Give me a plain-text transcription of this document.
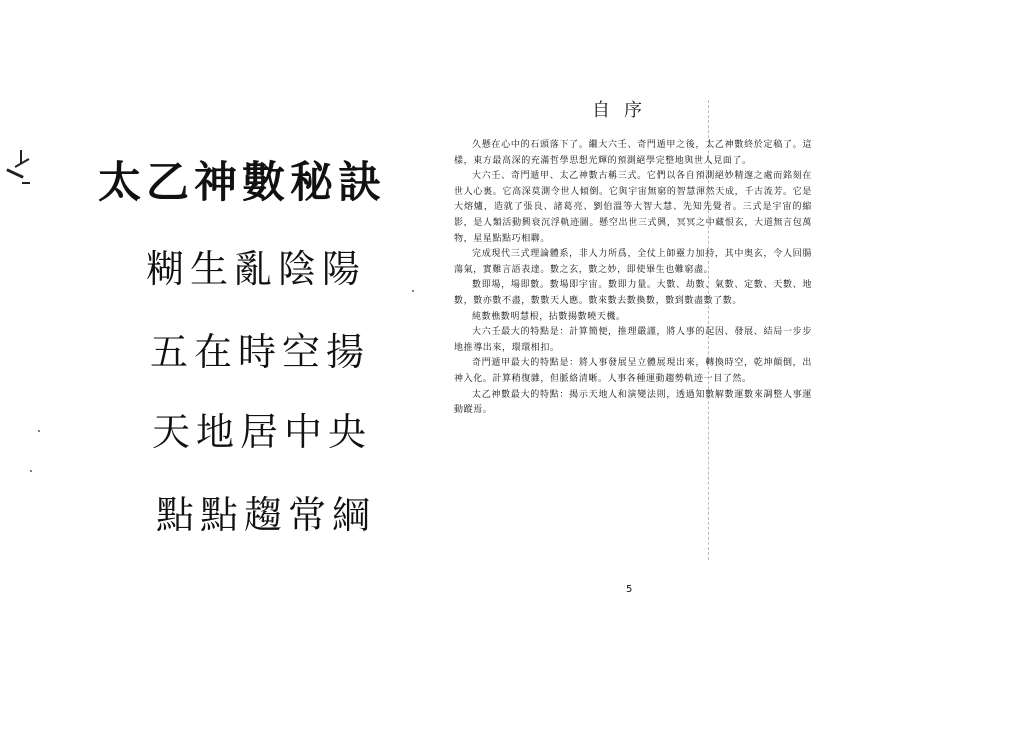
太乙神數秘訣
糊生亂陰陽
五在時空揚
天地居中央
點點趨常綱
自序

久懸在心中的石頭落下了。繼大六壬、奇門遁甲之後，太乙神數終於定稿了。這樣，東方最高深的充滿哲學思想光輝的預測絕學完整地與世人見面了。

大六壬、奇門遁甲、太乙神數古稱三式。它們以各自預測絕妙精邃之處而銘刻在世人心裏。它高深莫測令世人傾倒。它與宇宙無窮的智慧渾然天成，千古流芳。它是大熔爐，造就了張良、諸葛亮、劉伯溫等大智大慧、先知先覺者。三式是宇宙的縮影，是人類活動興衰沉浮軌迹圖。懸空出世三式興，冥冥之中藏恨玄，大道無言包萬物，星星點點巧相聯。

完成現代三式理論體系，非人力所爲，全仗上師靈力加持，其中奥玄，令人回腸蕩氣，實難言語表達。數之玄，數之妙，即使畢生也難窮盡。

數即場，場即數。數場即宇宙。數即力量。大數、劫數、氣數、定數、天數、地數，數亦數不盡，數數天人應。數來數去數換數，數到數盡數了數。

純數樵數明慧根，拈數揚數曉天機。

大六壬最大的特點是：計算簡便，推理嚴謹，將人事的起因、發展、結局一步步地推導出來，環環相扣。

奇門遁甲最大的特點是：將人事發展呈立體展現出來，轉換時空，乾坤顛倒，出神入化。計算稍復雜，但脈絡清晰。人事各種運動趨勢軌迹一目了然。

太乙神數最大的特點：揭示天地人和演變法則，透過知數解數運數來調整人事運動蹤焉。

5
